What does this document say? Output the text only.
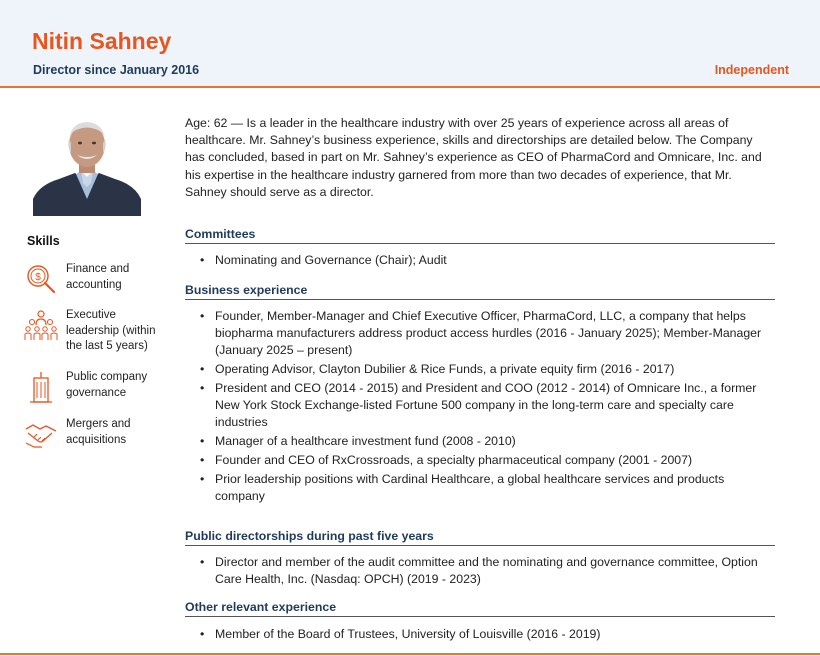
Nitin Sahney
Director since January 2016	Independent
Skills
$
Finance and accounting
Executive leadership (within the last 5 years)
Public company governance
Mergers and acquisitions
Age: 62 — Is a leader in the healthcare industry with over 25 years of experience across all areas of healthcare. Mr. Sahney’s business experience, skills and directorships are detailed below. The Company has concluded, based in part on Mr. Sahney’s experience as CEO of PharmaCord and Omnicare, Inc. and his expertise in the healthcare industry garnered from more than two decades of experience, that Mr. Sahney should serve as a director.
Committees
• Nominating and Governance (Chair); Audit
Business experience
• Founder, Member-Manager and Chief Executive Officer, PharmaCord, LLC, a company that helps biopharma manufacturers address product access hurdles (2016 - January 2025); Member-Manager (January 2025 – present)
• Operating Advisor, Clayton Dubilier & Rice Funds, a private equity firm (2016 - 2017)
• President and CEO (2014 - 2015) and President and COO (2012 - 2014) of Omnicare Inc., a former New York Stock Exchange-listed Fortune 500 company in the long-term care and specialty care industries
• Manager of a healthcare investment fund (2008 - 2010)
• Founder and CEO of RxCrossroads, a specialty pharmaceutical company (2001 - 2007)
• Prior leadership positions with Cardinal Healthcare, a global healthcare services and products company
Public directorships during past five years
• Director and member of the audit committee and the nominating and governance committee, Option Care Health, Inc. (Nasdaq: OPCH) (2019 - 2023)
Other relevant experience
• Member of the Board of Trustees, University of Louisville (2016 - 2019)
